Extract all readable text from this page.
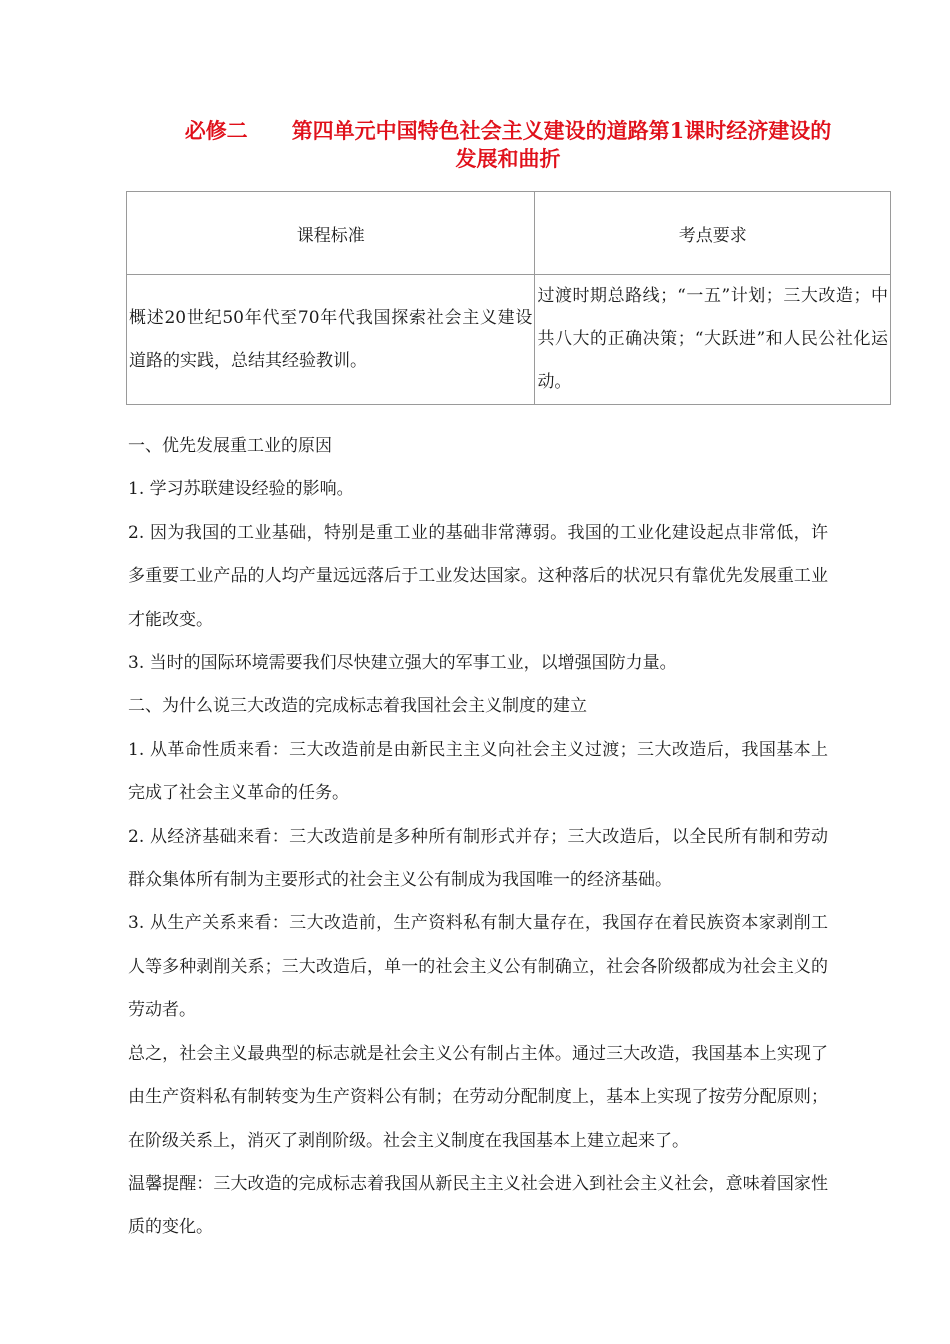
必修二 第四单元中国特色社会主义建设的道路第1课时经济建设的
发展和曲折
课程标准	考点要求

概述20世纪50年代至70年代我国探索社会主义建设道路的实践，总结其经验教训。	过渡时期总路线；“一五”计划；三大改造；中共八大的正确决策；“大跃进”和人民公社化运动。

一、优先发展重工业的原因

1. 学习苏联建设经验的影响。

2. 因为我国的工业基础，特别是重工业的基础非常薄弱。我国的工业化建设起点非常低，许多重要工业产品的人均产量远远落后于工业发达国家。这种落后的状况只有靠优先发展重工业才能改变。

3. 当时的国际环境需要我们尽快建立强大的军事工业，以增强国防力量。

二、为什么说三大改造的完成标志着我国社会主义制度的建立

1. 从革命性质来看：三大改造前是由新民主主义向社会主义过渡；三大改造后，我国基本上完成了社会主义革命的任务。

2. 从经济基础来看：三大改造前是多种所有制形式并存；三大改造后，以全民所有制和劳动群众集体所有制为主要形式的社会主义公有制成为我国唯一的经济基础。

3. 从生产关系来看：三大改造前，生产资料私有制大量存在，我国存在着民族资本家剥削工人等多种剥削关系；三大改造后，单一的社会主义公有制确立，社会各阶级都成为社会主义的劳动者。

总之，社会主义最典型的标志就是社会主义公有制占主体。通过三大改造，我国基本上实现了由生产资料私有制转变为生产资料公有制；在劳动分配制度上，基本上实现了按劳分配原则；在阶级关系上，消灭了剥削阶级。社会主义制度在我国基本上建立起来了。

温馨提醒：三大改造的完成标志着我国从新民主主义社会进入到社会主义社会，意味着国家性质的变化。
